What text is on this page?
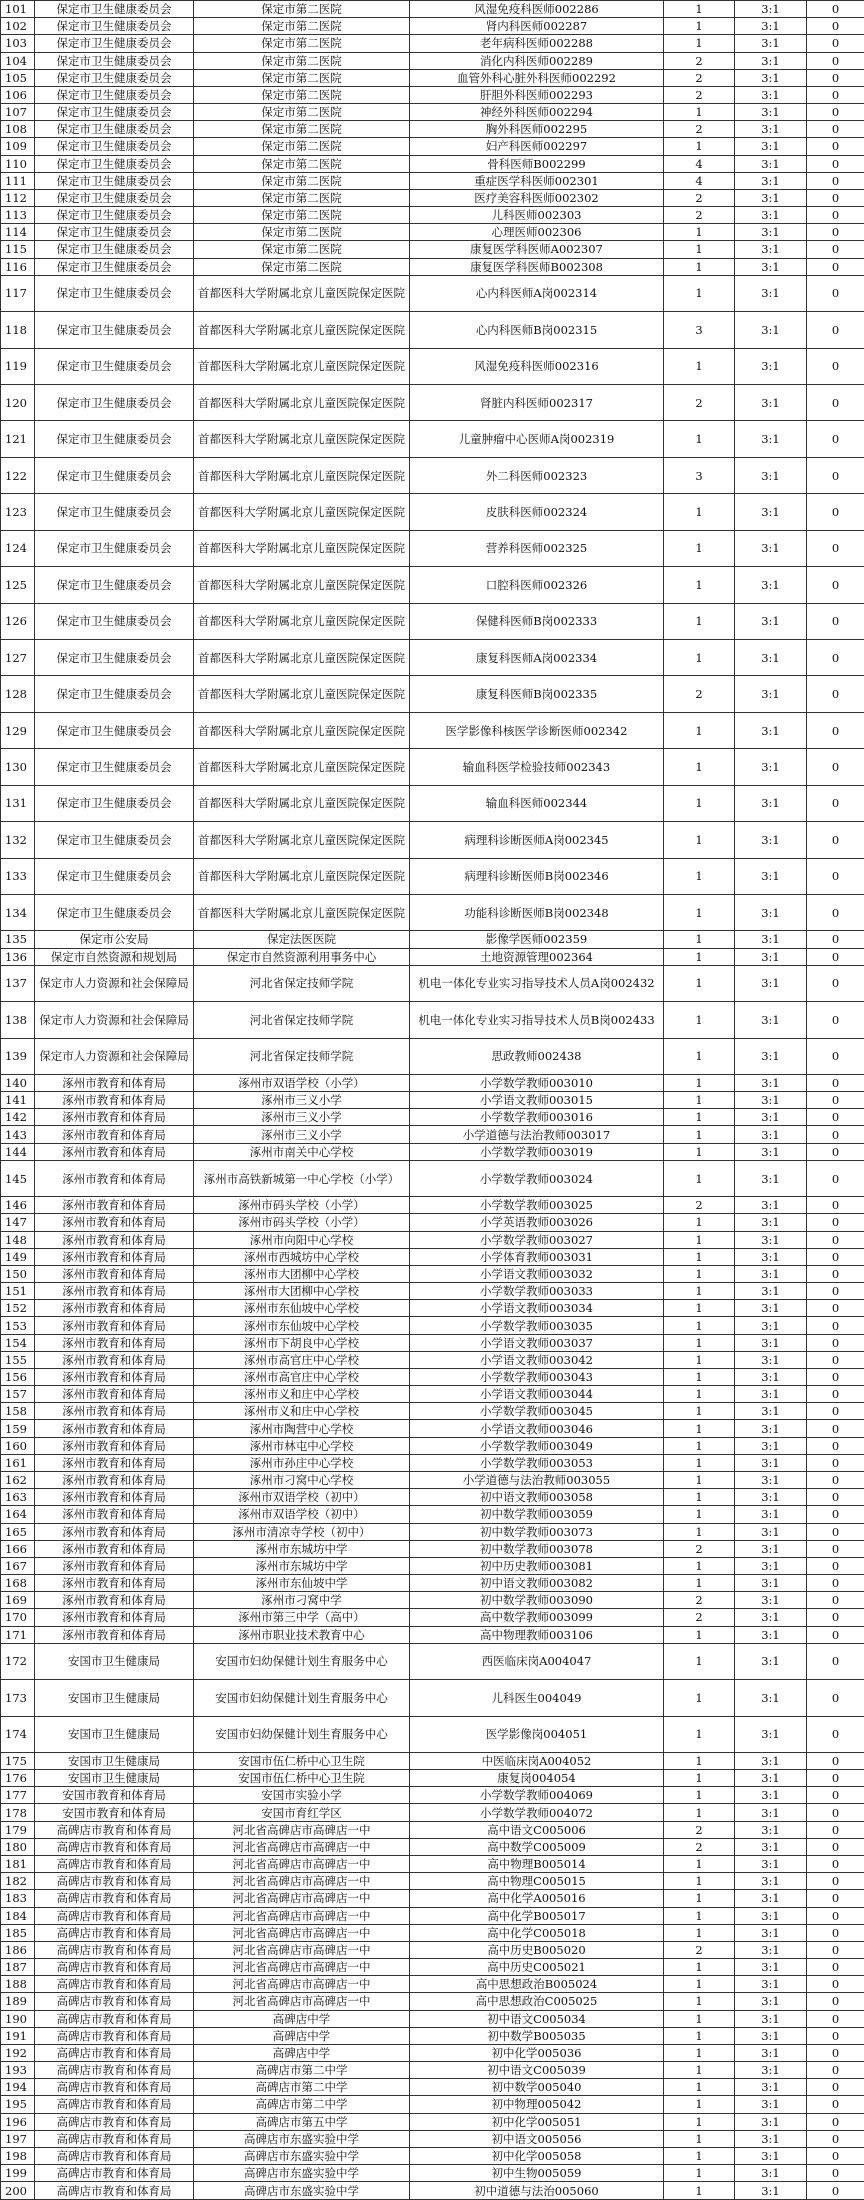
101	保定市卫生健康委员会	保定市第二医院	风湿免疫科医师002286	1	3:1	0
102	保定市卫生健康委员会	保定市第二医院	肾内科医师002287	1	3:1	0
103	保定市卫生健康委员会	保定市第二医院	老年病科医师002288	1	3:1	0
104	保定市卫生健康委员会	保定市第二医院	消化内科医师002289	2	3:1	0
105	保定市卫生健康委员会	保定市第二医院	血管外科心脏外科医师002292	2	3:1	0
106	保定市卫生健康委员会	保定市第二医院	肝胆外科医师002293	2	3:1	0
107	保定市卫生健康委员会	保定市第二医院	神经外科医师002294	1	3:1	0
108	保定市卫生健康委员会	保定市第二医院	胸外科医师002295	2	3:1	0
109	保定市卫生健康委员会	保定市第二医院	妇产科医师002297	1	3:1	0
110	保定市卫生健康委员会	保定市第二医院	骨科医师B002299	4	3:1	0
111	保定市卫生健康委员会	保定市第二医院	重症医学科医师002301	4	3:1	0
112	保定市卫生健康委员会	保定市第二医院	医疗美容科医师002302	2	3:1	0
113	保定市卫生健康委员会	保定市第二医院	儿科医师002303	2	3:1	0
114	保定市卫生健康委员会	保定市第二医院	心理医师002306	1	3:1	0
115	保定市卫生健康委员会	保定市第二医院	康复医学科医师A002307	1	3:1	0
116	保定市卫生健康委员会	保定市第二医院	康复医学科医师B002308	1	3:1	0
117	保定市卫生健康委员会	首都医科大学附属北京儿童医院保定医院	心内科医师A岗002314	1	3:1	0
118	保定市卫生健康委员会	首都医科大学附属北京儿童医院保定医院	心内科医师B岗002315	3	3:1	0
119	保定市卫生健康委员会	首都医科大学附属北京儿童医院保定医院	风湿免疫科医师002316	1	3:1	0
120	保定市卫生健康委员会	首都医科大学附属北京儿童医院保定医院	肾脏内科医师002317	2	3:1	0
121	保定市卫生健康委员会	首都医科大学附属北京儿童医院保定医院	儿童肿瘤中心医师A岗002319	1	3:1	0
122	保定市卫生健康委员会	首都医科大学附属北京儿童医院保定医院	外二科医师002323	3	3:1	0
123	保定市卫生健康委员会	首都医科大学附属北京儿童医院保定医院	皮肤科医师002324	1	3:1	0
124	保定市卫生健康委员会	首都医科大学附属北京儿童医院保定医院	营养科医师002325	1	3:1	0
125	保定市卫生健康委员会	首都医科大学附属北京儿童医院保定医院	口腔科医师002326	1	3:1	0
126	保定市卫生健康委员会	首都医科大学附属北京儿童医院保定医院	保健科医师B岗002333	1	3:1	0
127	保定市卫生健康委员会	首都医科大学附属北京儿童医院保定医院	康复科医师A岗002334	1	3:1	0
128	保定市卫生健康委员会	首都医科大学附属北京儿童医院保定医院	康复科医师B岗002335	2	3:1	0
129	保定市卫生健康委员会	首都医科大学附属北京儿童医院保定医院	医学影像科核医学诊断医师002342	1	3:1	0
130	保定市卫生健康委员会	首都医科大学附属北京儿童医院保定医院	输血科医学检验技师002343	1	3:1	0
131	保定市卫生健康委员会	首都医科大学附属北京儿童医院保定医院	输血科医师002344	1	3:1	0
132	保定市卫生健康委员会	首都医科大学附属北京儿童医院保定医院	病理科诊断医师A岗002345	1	3:1	0
133	保定市卫生健康委员会	首都医科大学附属北京儿童医院保定医院	病理科诊断医师B岗002346	1	3:1	0
134	保定市卫生健康委员会	首都医科大学附属北京儿童医院保定医院	功能科诊断医师B岗002348	1	3:1	0
135	保定市公安局	保定法医医院	影像学医师002359	1	3:1	0
136	保定市自然资源和规划局	保定市自然资源利用事务中心	土地资源管理002364	1	3:1	0
137	保定市人力资源和社会保障局	河北省保定技师学院	机电一体化专业实习指导技术人员A岗002432	1	3:1	0
138	保定市人力资源和社会保障局	河北省保定技师学院	机电一体化专业实习指导技术人员B岗002433	1	3:1	0
139	保定市人力资源和社会保障局	河北省保定技师学院	思政教师002438	1	3:1	0
140	涿州市教育和体育局	涿州市双语学校（小学）	小学数学教师003010	1	3:1	0
141	涿州市教育和体育局	涿州市三义小学	小学语文教师003015	1	3:1	0
142	涿州市教育和体育局	涿州市三义小学	小学数学教师003016	1	3:1	0
143	涿州市教育和体育局	涿州市三义小学	小学道德与法治教师003017	1	3:1	0
144	涿州市教育和体育局	涿州市南关中心学校	小学数学教师003019	1	3:1	0
145	涿州市教育和体育局	涿州市高铁新城第一中心学校（小学）	小学数学教师003024	1	3:1	0
146	涿州市教育和体育局	涿州市码头学校（小学）	小学数学教师003025	2	3:1	0
147	涿州市教育和体育局	涿州市码头学校（小学）	小学英语教师003026	1	3:1	0
148	涿州市教育和体育局	涿州市向阳中心学校	小学数学教师003027	1	3:1	0
149	涿州市教育和体育局	涿州市西城坊中心学校	小学体育教师003031	1	3:1	0
150	涿州市教育和体育局	涿州市大团柳中心学校	小学语文教师003032	1	3:1	0
151	涿州市教育和体育局	涿州市大团柳中心学校	小学数学教师003033	1	3:1	0
152	涿州市教育和体育局	涿州市东仙坡中心学校	小学语文教师003034	1	3:1	0
153	涿州市教育和体育局	涿州市东仙坡中心学校	小学数学教师003035	1	3:1	0
154	涿州市教育和体育局	涿州市下胡良中心学校	小学语文教师003037	1	3:1	0
155	涿州市教育和体育局	涿州市高官庄中心学校	小学语文教师003042	1	3:1	0
156	涿州市教育和体育局	涿州市高官庄中心学校	小学数学教师003043	1	3:1	0
157	涿州市教育和体育局	涿州市义和庄中心学校	小学语文教师003044	1	3:1	0
158	涿州市教育和体育局	涿州市义和庄中心学校	小学数学教师003045	1	3:1	0
159	涿州市教育和体育局	涿州市陶营中心学校	小学语文教师003046	1	3:1	0
160	涿州市教育和体育局	涿州市林屯中心学校	小学数学教师003049	1	3:1	0
161	涿州市教育和体育局	涿州市孙庄中心学校	小学数学教师003053	1	3:1	0
162	涿州市教育和体育局	涿州市刁窝中心学校	小学道德与法治教师003055	1	3:1	0
163	涿州市教育和体育局	涿州市双语学校（初中）	初中语文教师003058	1	3:1	0
164	涿州市教育和体育局	涿州市双语学校（初中）	初中数学教师003059	1	3:1	0
165	涿州市教育和体育局	涿州市清凉寺学校（初中）	初中数学教师003073	1	3:1	0
166	涿州市教育和体育局	涿州市东城坊中学	初中数学教师003078	2	3:1	0
167	涿州市教育和体育局	涿州市东城坊中学	初中历史教师003081	1	3:1	0
168	涿州市教育和体育局	涿州市东仙坡中学	初中语文教师003082	1	3:1	0
169	涿州市教育和体育局	涿州市刁窝中学	初中数学教师003090	2	3:1	0
170	涿州市教育和体育局	涿州市第三中学（高中）	高中数学教师003099	2	3:1	0
171	涿州市教育和体育局	涿州市职业技术教育中心	高中物理教师003106	1	3:1	0
172	安国市卫生健康局	安国市妇幼保健计划生育服务中心	西医临床岗A004047	1	3:1	0
173	安国市卫生健康局	安国市妇幼保健计划生育服务中心	儿科医生004049	1	3:1	0
174	安国市卫生健康局	安国市妇幼保健计划生育服务中心	医学影像岗004051	1	3:1	0
175	安国市卫生健康局	安国市伍仁桥中心卫生院	中医临床岗A004052	1	3:1	0
176	安国市卫生健康局	安国市伍仁桥中心卫生院	康复岗004054	1	3:1	0
177	安国市教育和体育局	安国市实验小学	小学数学教师004069	1	3:1	0
178	安国市教育和体育局	安国市育红学区	小学数学教师004072	1	3:1	0
179	高碑店市教育和体育局	河北省高碑店市高碑店一中	高中语文C005006	2	3:1	0
180	高碑店市教育和体育局	河北省高碑店市高碑店一中	高中数学C005009	2	3:1	0
181	高碑店市教育和体育局	河北省高碑店市高碑店一中	高中物理B005014	1	3:1	0
182	高碑店市教育和体育局	河北省高碑店市高碑店一中	高中物理C005015	1	3:1	0
183	高碑店市教育和体育局	河北省高碑店市高碑店一中	高中化学A005016	1	3:1	0
184	高碑店市教育和体育局	河北省高碑店市高碑店一中	高中化学B005017	1	3:1	0
185	高碑店市教育和体育局	河北省高碑店市高碑店一中	高中化学C005018	1	3:1	0
186	高碑店市教育和体育局	河北省高碑店市高碑店一中	高中历史B005020	2	3:1	0
187	高碑店市教育和体育局	河北省高碑店市高碑店一中	高中历史C005021	1	3:1	0
188	高碑店市教育和体育局	河北省高碑店市高碑店一中	高中思想政治B005024	1	3:1	0
189	高碑店市教育和体育局	河北省高碑店市高碑店一中	高中思想政治C005025	1	3:1	0
190	高碑店市教育和体育局	高碑店中学	初中语文C005034	1	3:1	0
191	高碑店市教育和体育局	高碑店中学	初中数学B005035	1	3:1	0
192	高碑店市教育和体育局	高碑店中学	初中化学005036	1	3:1	0
193	高碑店市教育和体育局	高碑店市第二中学	初中语文C005039	1	3:1	0
194	高碑店市教育和体育局	高碑店市第二中学	初中数学005040	1	3:1	0
195	高碑店市教育和体育局	高碑店市第二中学	初中物理005042	1	3:1	0
196	高碑店市教育和体育局	高碑店市第五中学	初中化学005051	1	3:1	0
197	高碑店市教育和体育局	高碑店市东盛实验中学	初中语文005056	1	3:1	0
198	高碑店市教育和体育局	高碑店市东盛实验中学	初中化学005058	1	3:1	0
199	高碑店市教育和体育局	高碑店市东盛实验中学	初中生物005059	1	3:1	0
200	高碑店市教育和体育局	高碑店市东盛实验中学	初中道德与法治005060	1	3:1	0
